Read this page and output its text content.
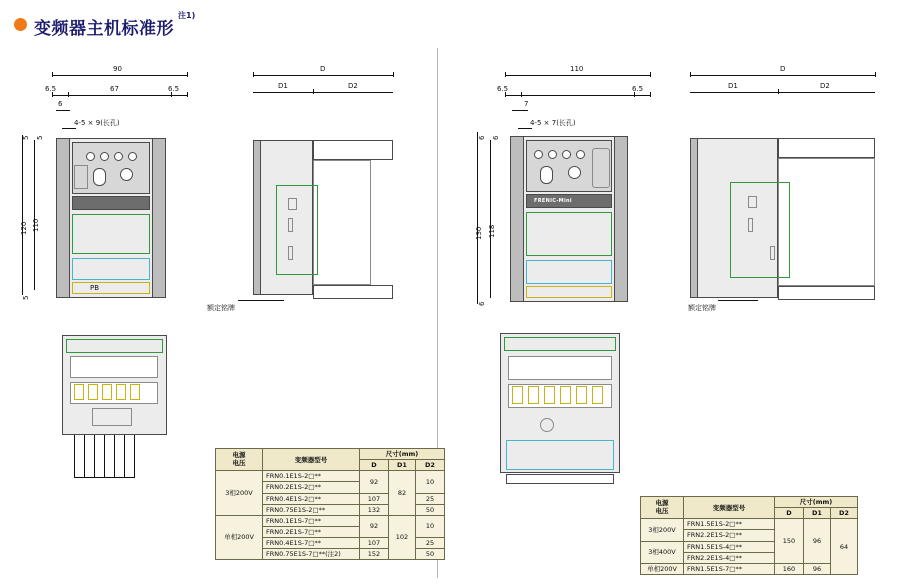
变频器主机标准形$^{注1)}$
90
6.5	67	6.5
6
4-5 × 9(长孔)
120 110
5
5
5
PB
D
D1	D2
额定铭牌
110
6.5	6.5
7
4-5 × 7(长孔)
130 118
6
6
6
FRENIC-Mini
D
D1	D2
额定铭牌
电源
电压	变频器型号	尺寸(mm)		
		D	D1	D2
3相200V	FRN0.1E1S-2□**	92	82	10
	FRN0.2E1S-2□**			
	FRN0.4E1S-2□**	107		25
	FRN0.75E1S-2□**	132		50
单相200V	FRN0.1E1S-7□**	92	102	10
	FRN0.2E1S-7□**			
	FRN0.4E1S-7□**	107		25
	FRN0.75E1S-7□**(注2)	152		50
电源
电压	变频器型号	尺寸(mm)		
		D	D1	D2
3相200V	FRN1.5E1S-2□**	150	96	64
	FRN2.2E1S-2□**			
3相400V	FRN1.5E1S-4□**			
	FRN2.2E1S-4□**			
单相200V	FRN1.5E1S-7□**	160	96	
